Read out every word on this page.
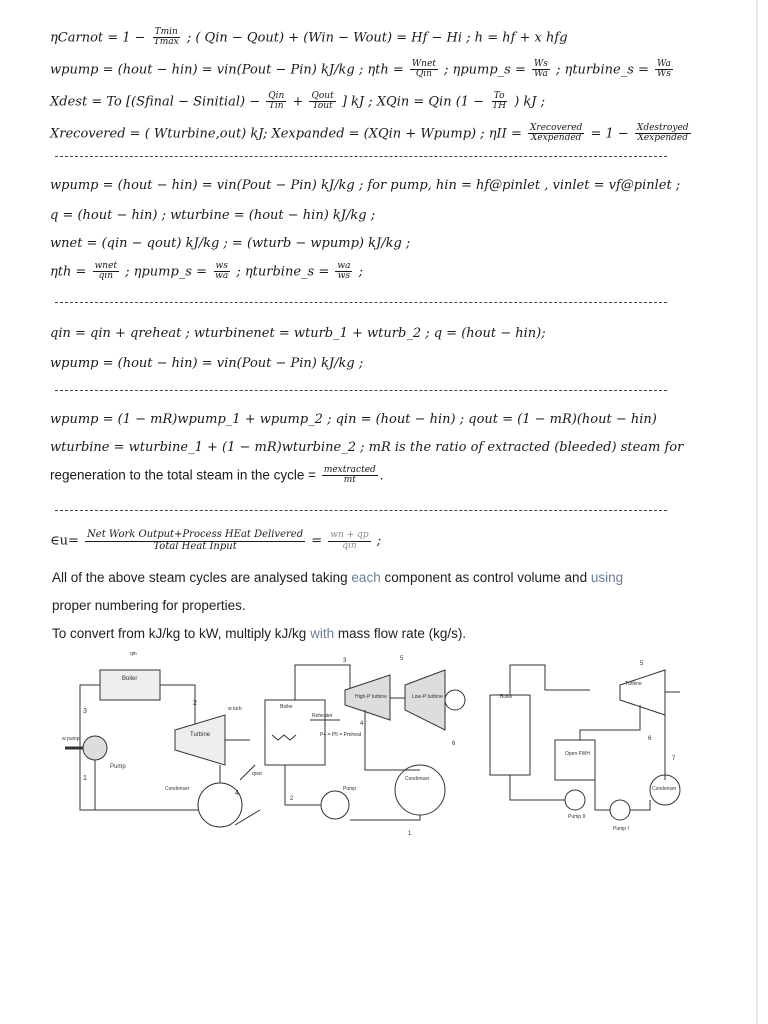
ηCarnot = $1 - \frac{Tmin}{Tmax}$ ; ( Qin − Qout) + (Win − Wout) = Hf − Hi ; h = hf + x hfg
wpump = (hout − hin) = vin(Pout − Pin) kJ/kg ; $\eta th = \frac{\text{Wnet}}{\text{Qin}}$ ; ηpump_s = $\frac{Ws}{Wa}$ ; ηturbine_s = $\frac{Wa}{Ws}$
Xdest = To [(Sfinal − Sinitial) − $\frac{\text{Qin}}{\text{Tin}} + \frac{\text{Qout}}{\text{Tout}}$ ] kJ ; XQin = Qin ($1 - \frac{To}{TH}$ ) kJ ;
Xrecovered = ( Wturbine,out) kJ; Xexpanded = (XQin + Wpump) ; $\eta II = \frac{\text{Xrecovered}}{\text{Xexpended}} = 1 - \frac{\text{Xdestroyed}}{\text{Xexpended}}$
wpump = (hout − hin) = vin(Pout − Pin) kJ/kg ; for pump, hin = hf@pinlet , vinlet = vf@pinlet ;
q = (hout − hin) ; wturbine = (hout − hin) kJ/kg ;
wnet = (qin − qout) kJ/kg ; = (wturb − wpump) kJ/kg ;
$\eta th = \frac{\text{wnet}}{\text{qin}}$ ; ηpump_s = $\frac{ws}{wa}$ ; ηturbine_s = $\frac{wa}{ws}$ ;
qin = qin + qreheat ; wturbinenet = wturb_1 + wturb_2 ; q = (hout − hin);
wpump = (hout − hin) = vin(Pout − Pin) kJ/kg ;
wpump = (1 − mR)wpump_1 + wpump_2 ; qin = (hout − hin) ; qout = (1 − mR)(hout − hin)
wturbine = wturbine_1 + (1 − mR)wturbine_2 ; mR is the ratio of extracted (bleeded) steam for
regeneration to the total steam in the cycle = $\frac{\text{mextracted}}{mt}$ .
∈u= $\frac{\text{Net Work Output+Process HEat Delivered}}{\text{Total Heat Input}} = \frac{wn + qp}{\text{qin}}$ ;
All of the above steam cycles are analysed taking each component as control volume and using
proper numbering for properties.
To convert from kJ/kg to kW, multiply kJ/kg with mass flow rate (kg/s).
Boiler
Turbine
Pump
Condenser
w turb
w pump
qin
qout
3
1
2
4
Boiler
High-P turbine	Low-P turbine
Reheater
P4 = P5 = Preheat
Condenser
Pump
3	5
6
4
2
1
Boiler
Turbine
Open FWH
Condenser
Pump II
Pump I
5
6
7
